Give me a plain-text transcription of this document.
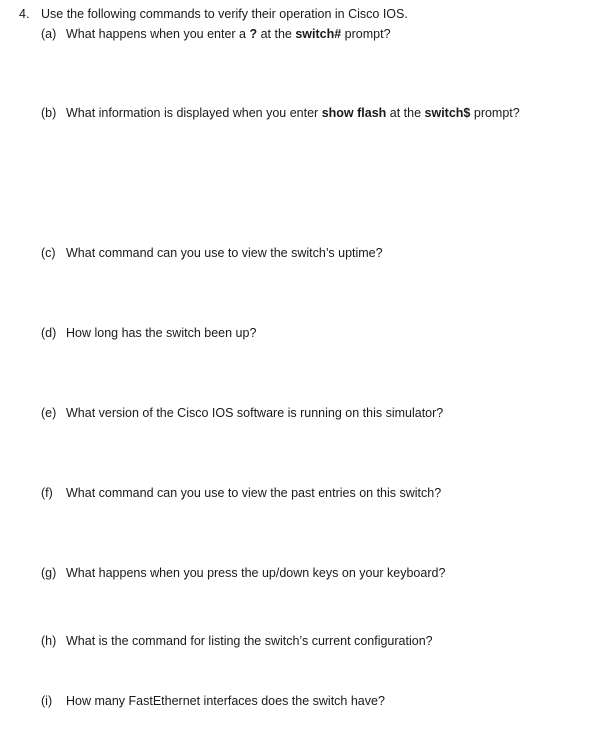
4. Use the following commands to verify their operation in Cisco IOS.
(a) What happens when you enter a ? at the switch# prompt?
(b) What information is displayed when you enter show flash at the switch$ prompt?
(c) What command can you use to view the switch’s uptime?
(d) How long has the switch been up?
(e) What version of the Cisco IOS software is running on this simulator?
(f) What command can you use to view the past entries on this switch?
(g) What happens when you press the up/down keys on your keyboard?
(h) What is the command for listing the switch’s current configuration?
(i) How many FastEthernet interfaces does the switch have?
